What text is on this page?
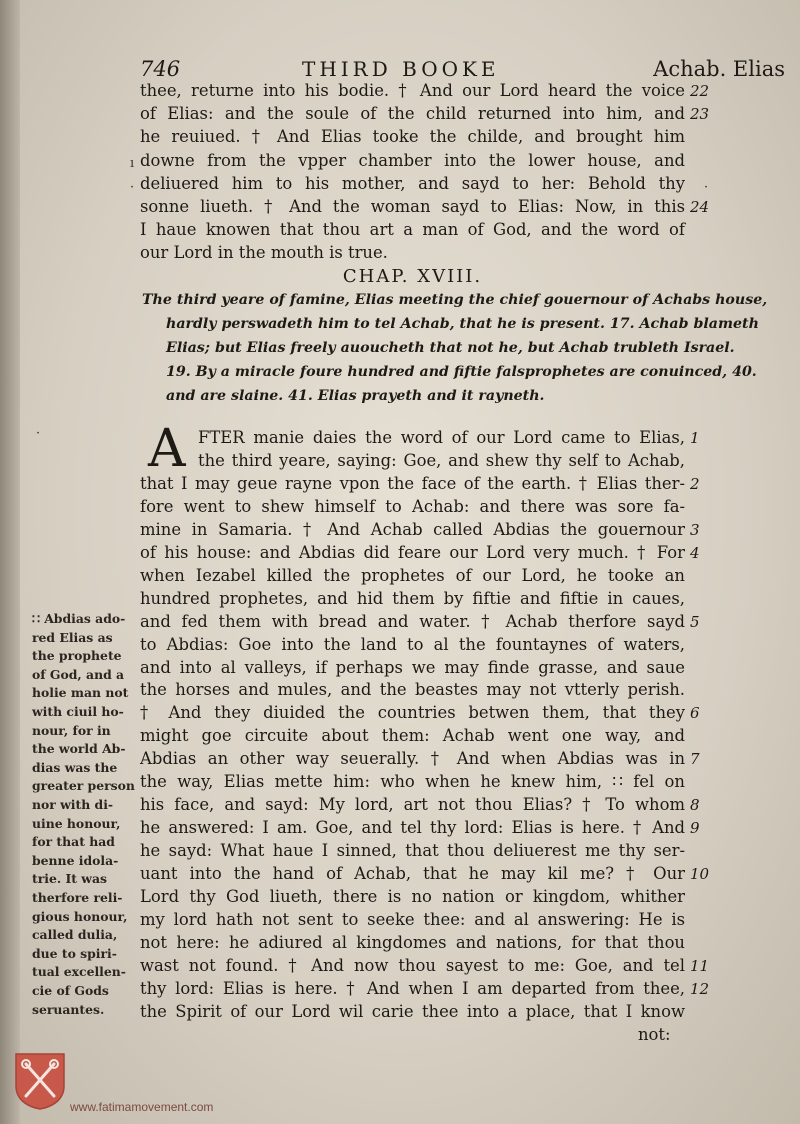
746	THIRD BOOKE	Achab. Elias
thee, returne into his bodie. † And our Lord heard the voice 22
of Elias: and the soule of the child returned into him, and 23
he reuiued. † And Elias tooke the childe, and brought him
downe from the vpper chamber into the lower house, and
deliuered him to his mother, and sayd to her: Behold thy
sonne liueth. † And the woman sayd to Elias: Now, in this 24
I haue knowen that thou art a man of God, and the word of
our Lord in the mouth is true.
CHAP. XVIII.
The third yeare of famine, Elias meeting the chief gouernour of Achabs house,
hardly perswadeth him to tel Achab, that he is present. 17. Achab blameth
Elias; but Elias freely auoucheth that not he, but Achab trubleth Israel.
19. By a miracle foure hundred and fiftie falsprophetes are conuinced, 40.
and are slaine. 41. Elias prayeth and it rayneth.
A FTER manie daies the word of our Lord came to Elias, 1
the third yeare, saying: Goe, and shew thy self to Achab,
that I may geue rayne vpon the face of the earth. † Elias ther- 2
fore went to shew himself to Achab: and there was sore fa-
mine in Samaria. † And Achab called Abdias the gouernour 3
of his house: and Abdias did feare our Lord very much. † For 4
when Iezabel killed the prophetes of our Lord, he tooke an
hundred prophetes, and hid them by fiftie and fiftie in caues,
and fed them with bread and water. † Achab therfore sayd 5
to Abdias: Goe into the land to al the fountaynes of waters,
and into al valleys, if perhaps we may finde grasse, and saue
the horses and mules, and the beastes may not vtterly perish.
† And they diuided the countries betwen them, that they 6
might goe circuite about them: Achab went one way, and
Abdias an other way seuerally. † And when Abdias was in 7
the way, Elias mette him: who when he knew him, ∷ fel on
his face, and sayd: My lord, art not thou Elias? † To whom 8
he answered: I am. Goe, and tel thy lord: Elias is here. † And 9
he sayd: What haue I sinned, that thou deliuerest me thy ser-
uant into the hand of Achab, that he may kil me? † Our 10
Lord thy God liueth, there is no nation or kingdom, whither
my lord hath not sent to seeke thee: and al answering: He is
not here: he adiured al kingdomes and nations, for that thou
wast not found. † And now thou sayest to me: Goe, and tel 11
thy lord: Elias is here. † And when I am departed from thee, 12
the Spirit of our Lord wil carie thee into a place, that I know
not:
∷ Abdias ado-
red Elias as
the prophete
of God, and a
holie man not
with ciuil ho-
nour, for in
the world Ab-
dias was the
greater person
nor with di-
uine honour,
for that had
benne idola-
trie. It was
therfore reli-
gious honour,
called dulia,
due to spiri-
tual excellen-
cie of Gods
seruantes.
ı
·	·
·
www.fatimamovement.com
